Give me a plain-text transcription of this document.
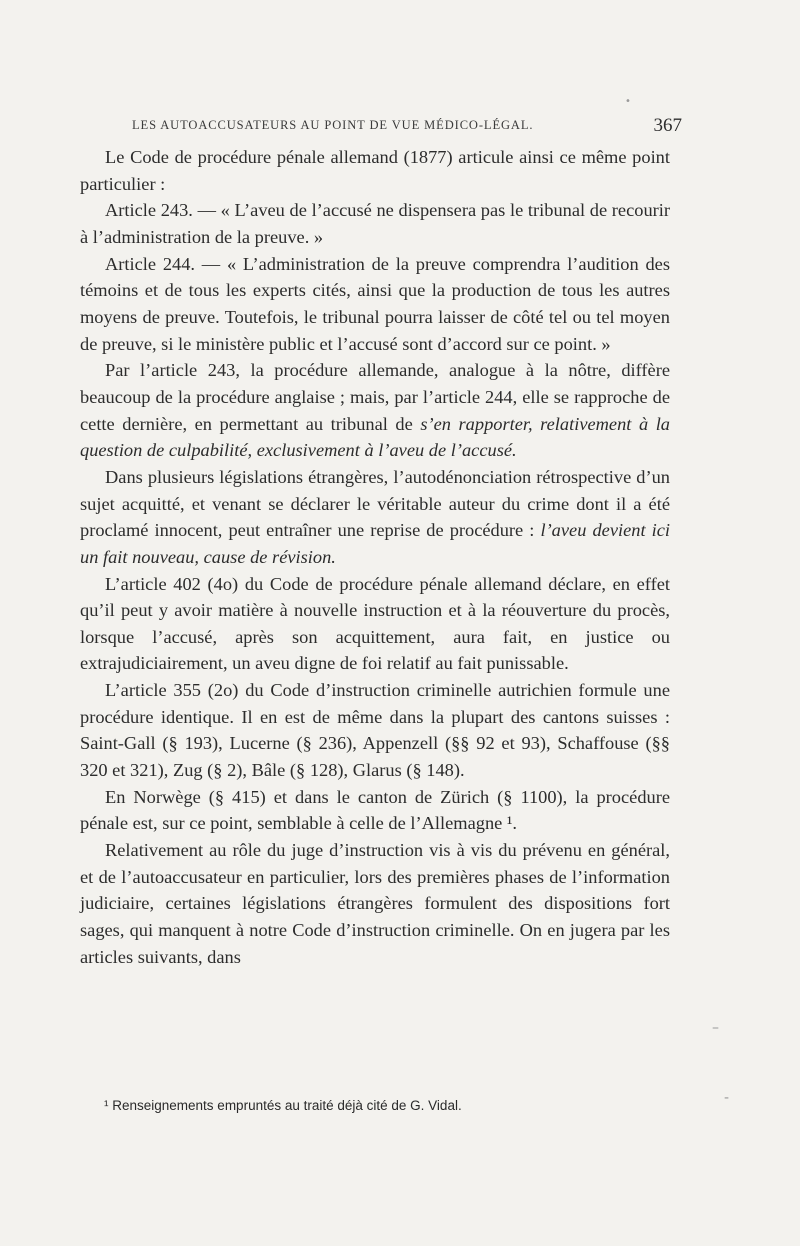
LES AUTOACCUSATEURS AU POINT DE VUE MÉDICO-LÉGAL.	367

Le Code de procédure pénale allemand (1877) articule ainsi ce même point particulier :

Article 243. — « L’aveu de l’accusé ne dispensera pas le tribunal de recourir à l’administration de la preuve. »

Article 244. — « L’administration de la preuve comprendra l’audition des témoins et de tous les experts cités, ainsi que la production de tous les autres moyens de preuve. Toutefois, le tribunal pourra laisser de côté tel ou tel moyen de preuve, si le ministère public et l’accusé sont d’accord sur ce point. »

Par l’article 243, la procédure allemande, analogue à la nôtre, diffère beaucoup de la procédure anglaise ; mais, par l’article 244, elle se rapproche de cette dernière, en permettant au tribunal de s’en rapporter, relativement à la question de culpabilité, exclusivement à l’aveu de l’accusé.

Dans plusieurs législations étrangères, l’autodénonciation rétrospective d’un sujet acquitté, et venant se déclarer le véritable auteur du crime dont il a été proclamé innocent, peut entraîner une reprise de procédure : l’aveu devient ici un fait nouveau, cause de révision.

L’article 402 (4o) du Code de procédure pénale allemand déclare, en effet qu’il peut y avoir matière à nouvelle instruction et à la réouverture du procès, lorsque l’accusé, après son acquittement, aura fait, en justice ou extrajudiciairement, un aveu digne de foi relatif au fait punissable.

L’article 355 (2o) du Code d’instruction criminelle autrichien formule une procédure identique. Il en est de même dans la plupart des cantons suisses : Saint-Gall (§ 193), Lucerne (§ 236), Appenzell (§§ 92 et 93), Schaffouse (§§ 320 et 321), Zug (§ 2), Bâle (§ 128), Glarus (§ 148).

En Norwège (§ 415) et dans le canton de Zürich (§ 1100), la procédure pénale est, sur ce point, semblable à celle de l’Allemagne ¹.

Relativement au rôle du juge d’instruction vis à vis du prévenu en général, et de l’autoaccusateur en particulier, lors des premières phases de l’information judiciaire, certaines législations étrangères formulent des dispositions fort sages, qui manquent à notre Code d’instruction criminelle. On en jugera par les articles suivants, dans

¹ Renseignements empruntés au traité déjà cité de G. Vidal.
•
–
-
